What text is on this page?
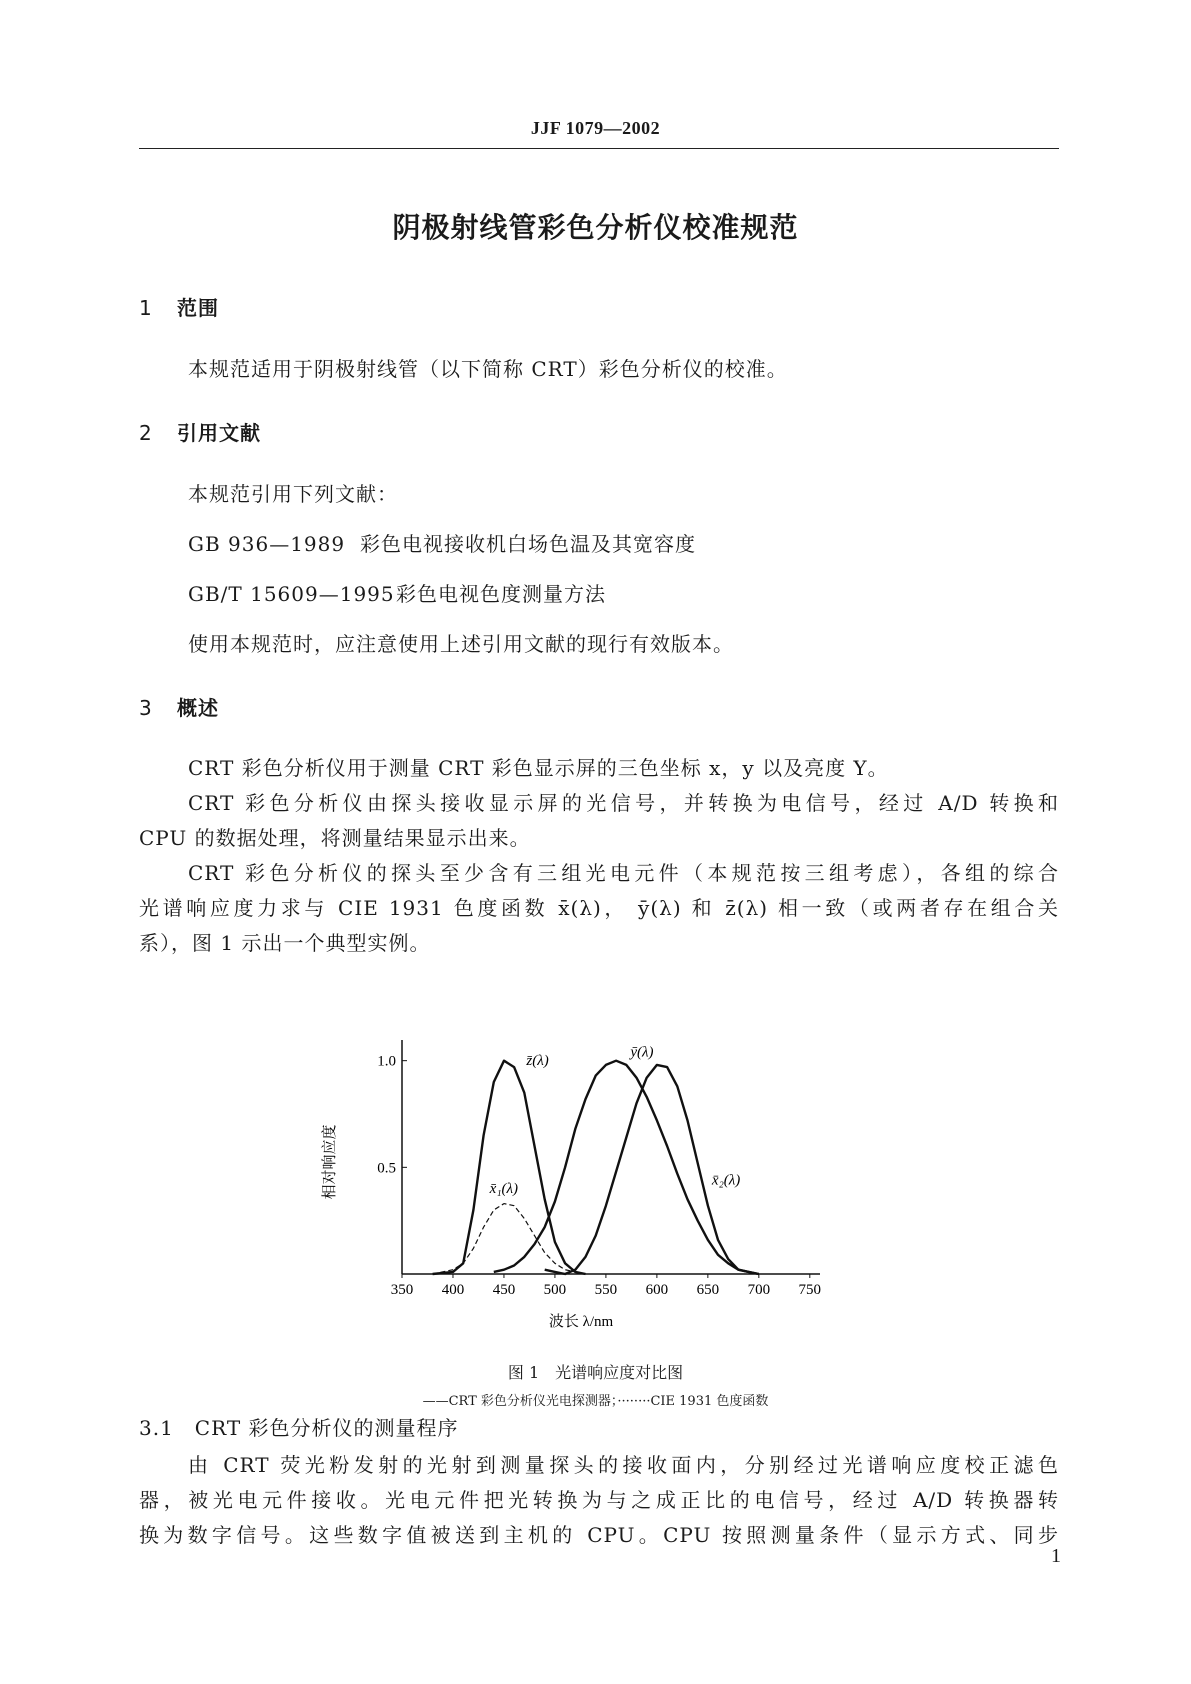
JJF 1079—2002
阴极射线管彩色分析仪校准规范
1 范围
本规范适用于阴极射线管（以下简称 CRT）彩色分析仪的校准。
2 引用文献
本规范引用下列文献：
GB 936—1989 彩色电视接收机白场色温及其宽容度
GB/T 15609—1995彩色电视色度测量方法
使用本规范时，应注意使用上述引用文献的现行有效版本。
3 概述
CRT 彩色分析仪用于测量 CRT 彩色显示屏的三色坐标 x，y 以及亮度 Y。
CRT 彩色分析仪由探头接收显示屏的光信号，并转换为电信号，经过 A/D 转换和
CPU 的数据处理，将测量结果显示出来。
CRT 彩色分析仪的探头至少含有三组光电元件（本规范按三组考虑），各组的综合
光谱响应度力求与 CIE 1931 色度函数 x̄(λ)， ȳ(λ) 和 z̄(λ) 相一致（或两者存在组合关
系），图 1 示出一个典型实例。
350 400 450 500 550 600 650 700 750
0.5
1.0
相对响应度
波长 λ/nm
z̄(λ)
x̄₁(λ)
ȳ(λ)
x̄₂(λ)
图 1　光谱响应度对比图
——CRT 彩色分析仪光电探测器；········CIE 1931 色度函数
3.1　CRT 彩色分析仪的测量程序
由 CRT 荧光粉发射的光射到测量探头的接收面内，分别经过光谱响应度校正滤色
器，被光电元件接收。光电元件把光转换为与之成正比的电信号，经过 A/D 转换器转
换为数字信号。这些数字值被送到主机的 CPU。CPU 按照测量条件（显示方式、同步
1
